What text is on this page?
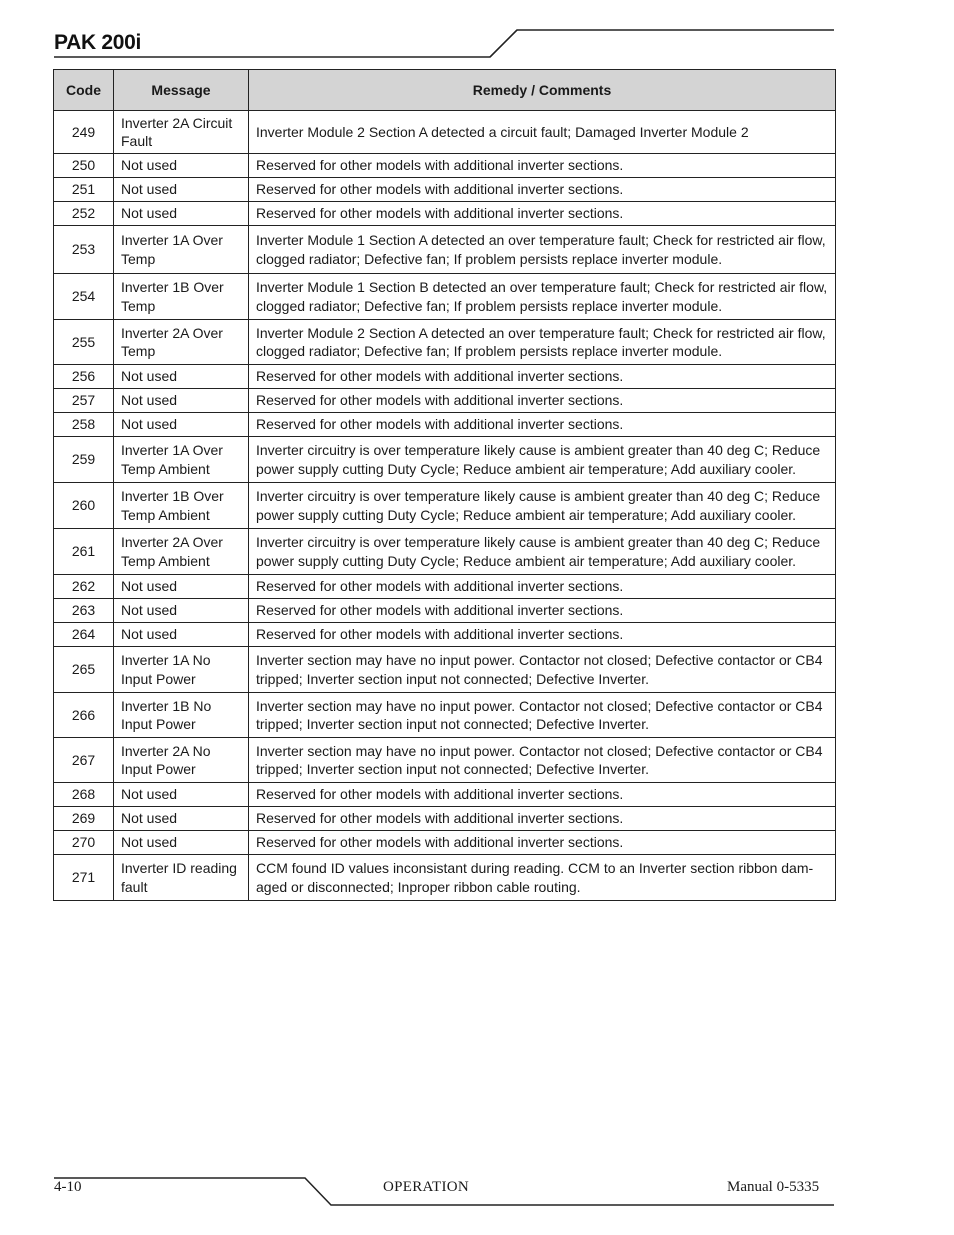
PAK 200i
Code	Message	Remedy / Comments
249	Inverter 2A Circuit Fault	Inverter Module 2 Section A detected a circuit fault; Damaged Inverter Module 2
250	Not used	Reserved for other models with additional inverter sections.
251	Not used	Reserved for other models with additional inverter sections.
252	Not used	Reserved for other models with additional inverter sections.
253	Inverter 1A Over Temp	Inverter Module 1 Section A detected an over temperature fault; Check for restricted air flow, clogged radiator; Defective fan; If problem persists replace inverter module.
254	Inverter 1B Over Temp	Inverter Module 1 Section B detected an over temperature fault; Check for restricted air flow, clogged radiator; Defective fan; If problem persists replace inverter module.
255	Inverter 2A Over Temp	Inverter Module 2 Section A detected an over temperature fault; Check for restricted air flow, clogged radiator; Defective fan; If problem persists replace inverter module.
256	Not used	Reserved for other models with additional inverter sections.
257	Not used	Reserved for other models with additional inverter sections.
258	Not used	Reserved for other models with additional inverter sections.
259	Inverter 1A Over Temp Ambient	Inverter circuitry is over temperature likely cause is ambient greater than 40 deg C; Reduce power supply cutting Duty Cycle; Reduce ambient air temperature; Add auxiliary cooler.
260	Inverter 1B Over Temp Ambient	Inverter circuitry is over temperature likely cause is ambient greater than 40 deg C; Reduce power supply cutting Duty Cycle; Reduce ambient air temperature; Add auxiliary cooler.
261	Inverter 2A Over Temp Ambient	Inverter circuitry is over temperature likely cause is ambient greater than 40 deg C; Reduce power supply cutting Duty Cycle; Reduce ambient air temperature; Add auxiliary cooler.
262	Not used	Reserved for other models with additional inverter sections.
263	Not used	Reserved for other models with additional inverter sections.
264	Not used	Reserved for other models with additional inverter sections.
265	Inverter 1A No Input Power	Inverter section may have no input power. Contactor not closed; Defective contactor or CB4 tripped; Inverter section input not connected; Defective Inverter.
266	Inverter 1B No Input Power	Inverter section may have no input power. Contactor not closed; Defective contactor or CB4 tripped; Inverter section input not connected; Defective Inverter.
267	Inverter 2A No Input Power	Inverter section may have no input power. Contactor not closed; Defective contactor or CB4 tripped; Inverter section input not connected; Defective Inverter.
268	Not used	Reserved for other models with additional inverter sections.
269	Not used	Reserved for other models with additional inverter sections.
270	Not used	Reserved for other models with additional inverter sections.
271	Inverter ID reading fault	CCM found ID values inconsistant during reading. CCM to an Inverter section ribbon dam-aged or disconnected; Inproper ribbon cable routing.
4-10	OPERATION	Manual 0-5335
